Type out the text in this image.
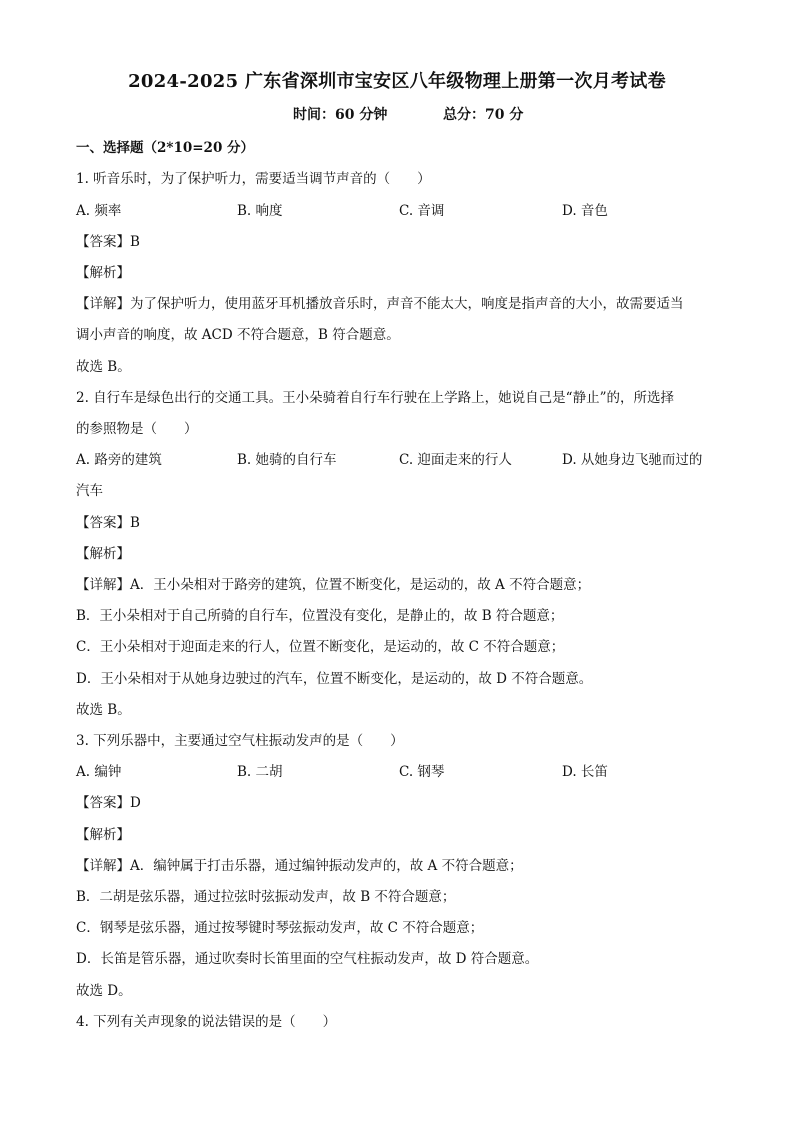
2024-2025 广东省深圳市宝安区八年级物理上册第一次月考试卷
时间：60 分钟	总分：70 分
一、选择题（2*10=20 分）
1. 听音乐时，为了保护听力，需要适当调节声音的（　　）
A. 频率	B. 响度	C. 音调	D. 音色
【答案】B
【解析】
【详解】为了保护听力，使用蓝牙耳机播放音乐时，声音不能太大，响度是指声音的大小，故需要适当
调小声音的响度，故 ACD 不符合题意，B 符合题意。
故选 B。
2. 自行车是绿色出行的交通工具。王小朵骑着自行车行驶在上学路上，她说自己是“静止”的，所选择
的参照物是（　　）
A. 路旁的建筑	B. 她骑的自行车	C. 迎面走来的行人	D. 从她身边飞驰而过的
汽车
【答案】B
【解析】
【详解】A．王小朵相对于路旁的建筑，位置不断变化，是运动的，故 A 不符合题意；
B．王小朵相对于自己所骑的自行车，位置没有变化，是静止的，故 B 符合题意；
C．王小朵相对于迎面走来的行人，位置不断变化，是运动的，故 C 不符合题意；
D．王小朵相对于从她身边驶过的汽车，位置不断变化，是运动的，故 D 不符合题意。
故选 B。
3. 下列乐器中，主要通过空气柱振动发声的是（　　）
A. 编钟	B. 二胡	C. 钢琴	D. 长笛
【答案】D
【解析】
【详解】A．编钟属于打击乐器，通过编钟振动发声的，故 A 不符合题意；
B．二胡是弦乐器，通过拉弦时弦振动发声，故 B 不符合题意；
C．钢琴是弦乐器，通过按琴键时琴弦振动发声，故 C 不符合题意；
D．长笛是管乐器，通过吹奏时长笛里面的空气柱振动发声，故 D 符合题意。
故选 D。
4. 下列有关声现象的说法错误的是（　　）
